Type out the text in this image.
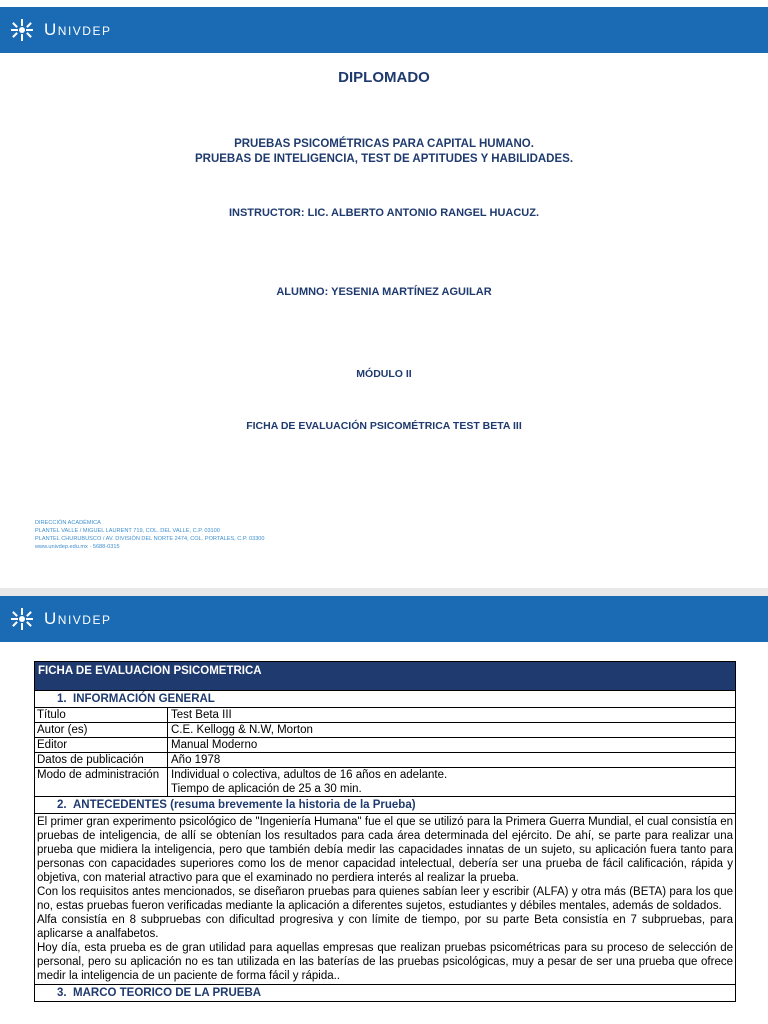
Univdep
DIPLOMADO
PRUEBAS PSICOMÉTRICAS PARA CAPITAL HUMANO.
PRUEBAS DE INTELIGENCIA, TEST DE APTITUDES Y HABILIDADES.
INSTRUCTOR: LIC. ALBERTO ANTONIO RANGEL HUACUZ.
ALUMNO: YESENIA MARTÍNEZ AGUILAR
MÓDULO II
FICHA DE EVALUACIÓN PSICOMÉTRICA TEST BETA III
DIRECCIÓN ACADÉMICA
PLANTEL VALLE / MIGUEL LAURENT 719, COL. DEL VALLE, C.P. 03100
PLANTEL CHURUBUSCO / AV. DIVISIÓN DEL NORTE 2474, COL. PORTALES, C.P. 03300
www.univdep.edu.mx · 5688-0315
Univdep
FICHA DE EVALUACION PSICOMETRICA
1. INFORMACIÓN GENERAL
Título	Test Beta III
Autor (es)	C.E. Kellogg & N.W, Morton
Editor	Manual Moderno
Datos de publicación	Año 1978
Modo de administración	Individual o colectiva, adultos de 16 años en adelante.
Tiempo de aplicación de 25 a 30 min.
2. ANTECEDENTES (resuma brevemente la historia de la Prueba)

El primer gran experimento psicológico de "Ingeniería Humana" fue el que se utilizó para la Primera Guerra Mundial, el cual consistía en pruebas de inteligencia, de allí se obtenían los resultados para cada área determinada del ejército. De ahí, se parte para realizar una prueba que midiera la inteligencia, pero que también debía medir las capacidades innatas de un sujeto, su aplicación fuera tanto para personas con capacidades superiores como los de menor capacidad intelectual, debería ser una prueba de fácil calificación, rápida y objetiva, con material atractivo para que el examinado no perdiera interés al realizar la prueba.

Con los requisitos antes mencionados, se diseñaron pruebas para quienes sabían leer y escribir (ALFA) y otra más (BETA) para los que no, estas pruebas fueron verificadas mediante la aplicación a diferentes sujetos, estudiantes y débiles mentales, además de soldados.

Alfa consistía en 8 subpruebas con dificultad progresiva y con límite de tiempo, por su parte Beta consistía en 7 subpruebas, para aplicarse a analfabetos.

Hoy día, esta prueba es de gran utilidad para aquellas empresas que realizan pruebas psicométricas para su proceso de selección de personal, pero su aplicación no es tan utilizada en las baterías de las pruebas psicológicas, muy a pesar de ser una prueba que ofrece medir la inteligencia de un paciente de forma fácil y rápida..

3. MARCO TEORICO DE LA PRUEBA
